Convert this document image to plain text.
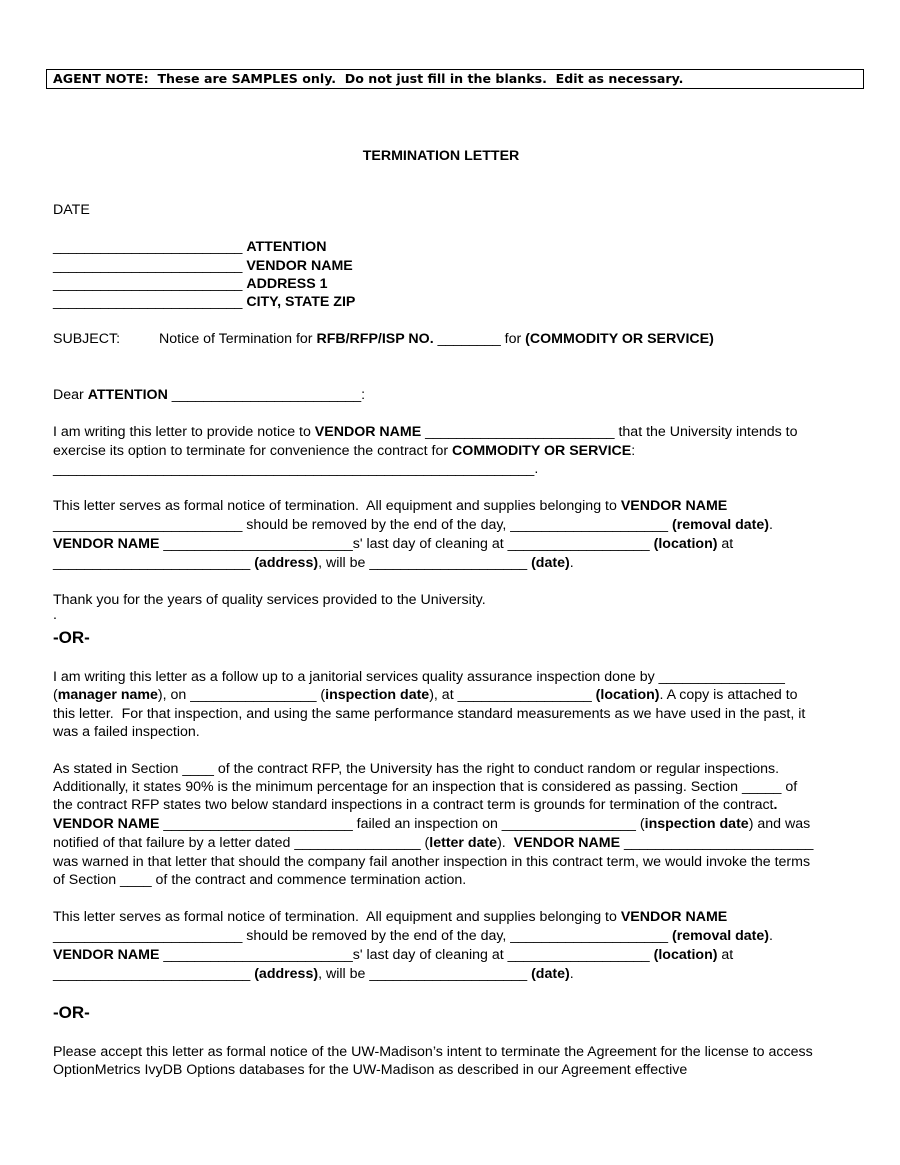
AGENT NOTE:  These are SAMPLES only.  Do not just fill in the blanks.  Edit as necessary.
TERMINATION LETTER
DATE
________________________ ATTENTION
________________________ VENDOR NAME
________________________ ADDRESS 1
________________________ CITY, STATE ZIP
SUBJECT:	Notice of Termination for RFB/RFP/ISP NO. ________ for (COMMODITY OR SERVICE)
Dear ATTENTION ________________________:
I am writing this letter to provide notice to VENDOR NAME ________________________ that the University intends to
exercise its option to terminate for convenience the contract for COMMODITY OR SERVICE:
_____________________________________________________________.
This letter serves as formal notice of termination.  All equipment and supplies belonging to VENDOR NAME
________________________ should be removed by the end of the day, ____________________ (removal date).
VENDOR NAME ________________________s' last day of cleaning at __________________ (location) at
_________________________ (address), will be ____________________ (date).
Thank you for the years of quality services provided to the University.
.
-OR-
I am writing this letter as a follow up to a janitorial services quality assurance inspection done by ________________
(manager name), on ________________ (inspection date), at _________________ (location). A copy is attached to
this letter.  For that inspection, and using the same performance standard measurements as we have used in the past, it
was a failed inspection.
As stated in Section ____ of the contract RFP, the University has the right to conduct random or regular inspections.
Additionally, it states 90% is the minimum percentage for an inspection that is considered as passing. Section _____ of
the contract RFP states two below standard inspections in a contract term is grounds for termination of the contract.
VENDOR NAME ________________________ failed an inspection on _________________ (inspection date) and was
notified of that failure by a letter dated ________________ (letter date).  VENDOR NAME ________________________
was warned in that letter that should the company fail another inspection in this contract term, we would invoke the terms
of Section ____ of the contract and commence termination action.
This letter serves as formal notice of termination.  All equipment and supplies belonging to VENDOR NAME
________________________ should be removed by the end of the day, ____________________ (removal date).
VENDOR NAME ________________________s' last day of cleaning at __________________ (location) at
_________________________ (address), will be ____________________ (date).
-OR-
Please accept this letter as formal notice of the UW-Madison’s intent to terminate the Agreement for the license to access
OptionMetrics IvyDB Options databases for the UW-Madison as described in our Agreement effective
